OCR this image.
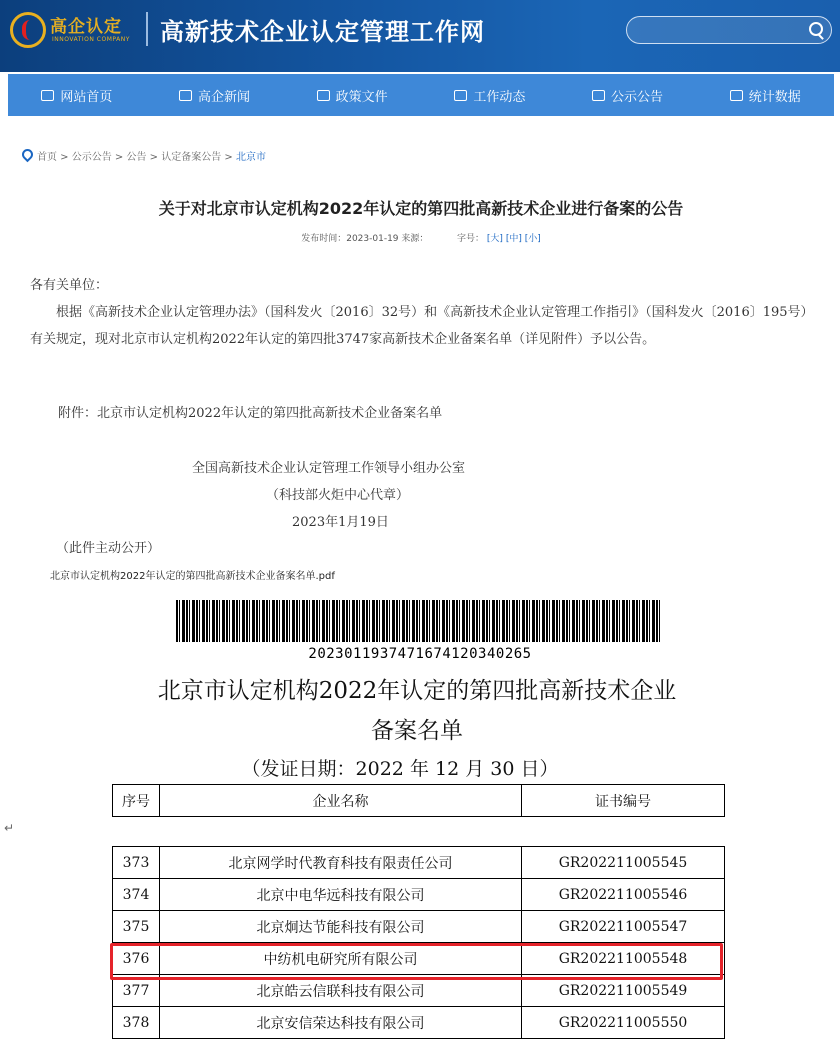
高企认定
INNOVATION COMPANY 高新技术企业认定管理工作网
网站首页	高企新闻	政策文件	工作动态	公示公告	统计数据
首页 > 公示公告 > 公告 > 认定备案公告 > 北京市
关于对北京市认定机构2022年认定的第四批高新技术企业进行备案的公告
发布时间：2023-01-19 来源：	字号： [大] [中] [小]

各有关单位：

根据《高新技术企业认定管理办法》（国科发火〔2016〕32号）和《高新技术企业认定管理工作指引》（国科发火〔2016〕195号）有关规定，现对北京市认定机构2022年认定的第四批3747家高新技术企业备案名单（详见附件）予以公告。

附件：北京市认定机构2022年认定的第四批高新技术企业备案名单
全国高新技术企业认定管理工作领导小组办公室
（科技部火炬中心代章）
2023年1月19日
（此件主动公开）
北京市认定机构2022年认定的第四批高新技术企业备案名单.pdf
20230119374716741203402​65
北京市认定机构2022年认定的第四批高新技术企业
备案名单
（发证日期：2022 年 12 月 30 日）
序号	企业名称	证书编号
↵
373	北京网学时代教育科技有限责任公司	GR202211005545
374	北京中电华远科技有限公司	GR202211005546
375	北京炯达节能科技有限公司	GR202211005547
376	中纺机电研究所有限公司	GR202211005548
377	北京皓云信联科技有限公司	GR202211005549
378	北京安信荣达科技有限公司	GR202211005550
